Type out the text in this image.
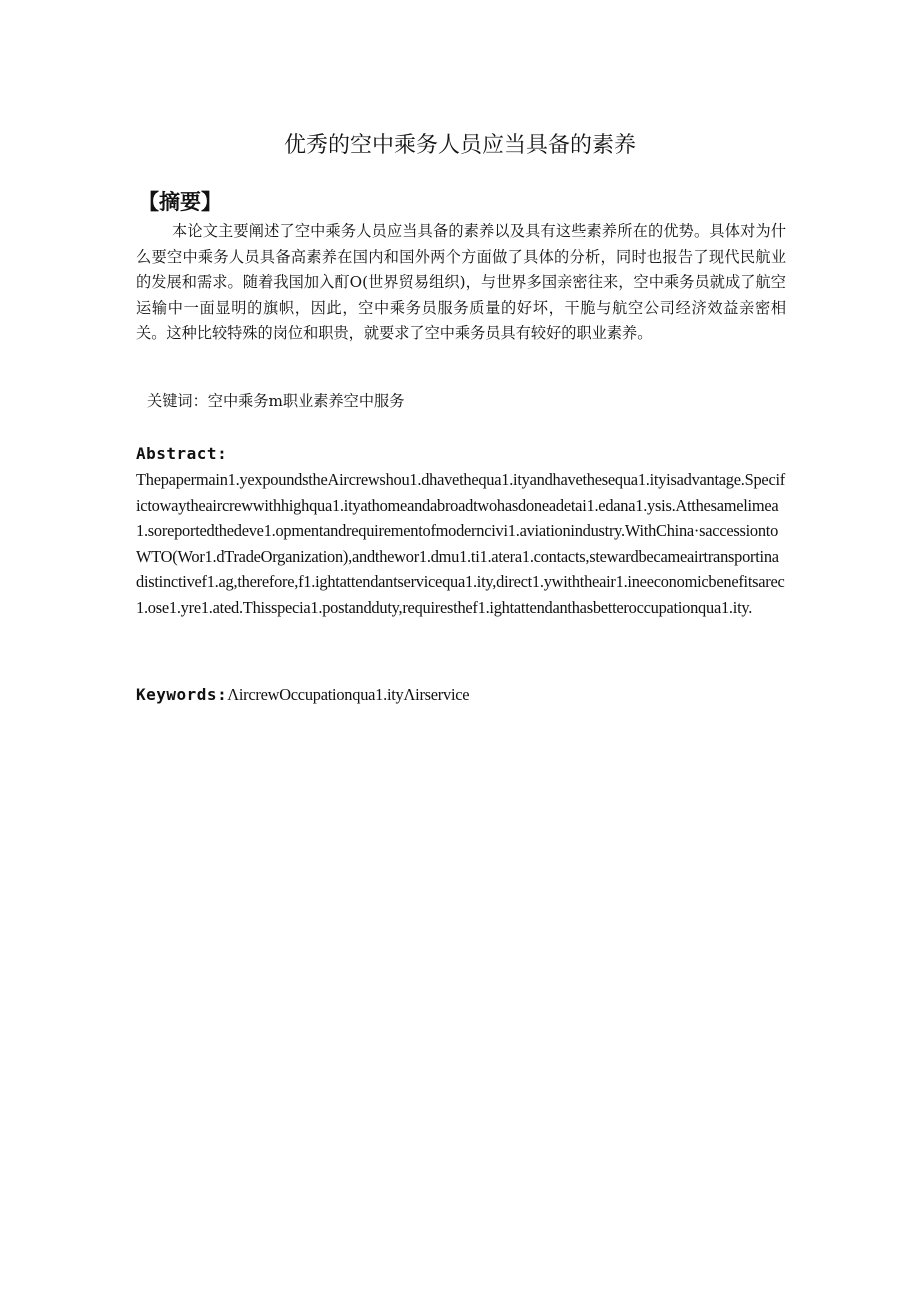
优秀的空中乘务人员应当具备的素养
【摘要】
本论文主要阐述了空中乘务人员应当具备的素养以及具有这些素养所在的优势。具体对为什么要空中乘务人员具备高素养在国内和国外两个方面做了具体的分析，同时也报告了现代民航业的发展和需求。随着我国加入酊O(世界贸易组织)，与世界多国亲密往来，空中乘务员就成了航空运输中一面显明的旗帜，因此，空中乘务员服务质量的好坏，干脆与航空公司经济效益亲密相关。这种比较特殊的岗位和职贵，就要求了空中乘务员具有较好的职业素养。
关键词：空中乘务m职业素养空中服务
Abstract:
Thepapermain1.yexpoundstheAircrewshou1.dhavethequa1.ityandhavethesequa1.ityisadvantage.Specifictowaytheaircrewwithhighqua1.ityathomeandabroadtwohasdoneadetai1.edana1.ysis.Atthesamelimea1.soreportedthedeve1.opmentandrequirementofmoderncivi1.aviationindustry.WithChina·saccessiontoWTO(Wor1.dTradeOrganization),andthewor1.dmu1.ti1.atera1.contacts,stewardbecameairtransportinadistinctivef1.ag,therefore,f1.ightattendantservicequa1.ity,direct1.ywiththeair1.ineeconomicbenefitsarec1.ose1.yre1.ated.Thisspecia1.postandduty,requiresthef1.ightattendanthasbetteroccupationqua1.ity.
Keywords:ΛircrewOccupationqua1.ityΛirservice
